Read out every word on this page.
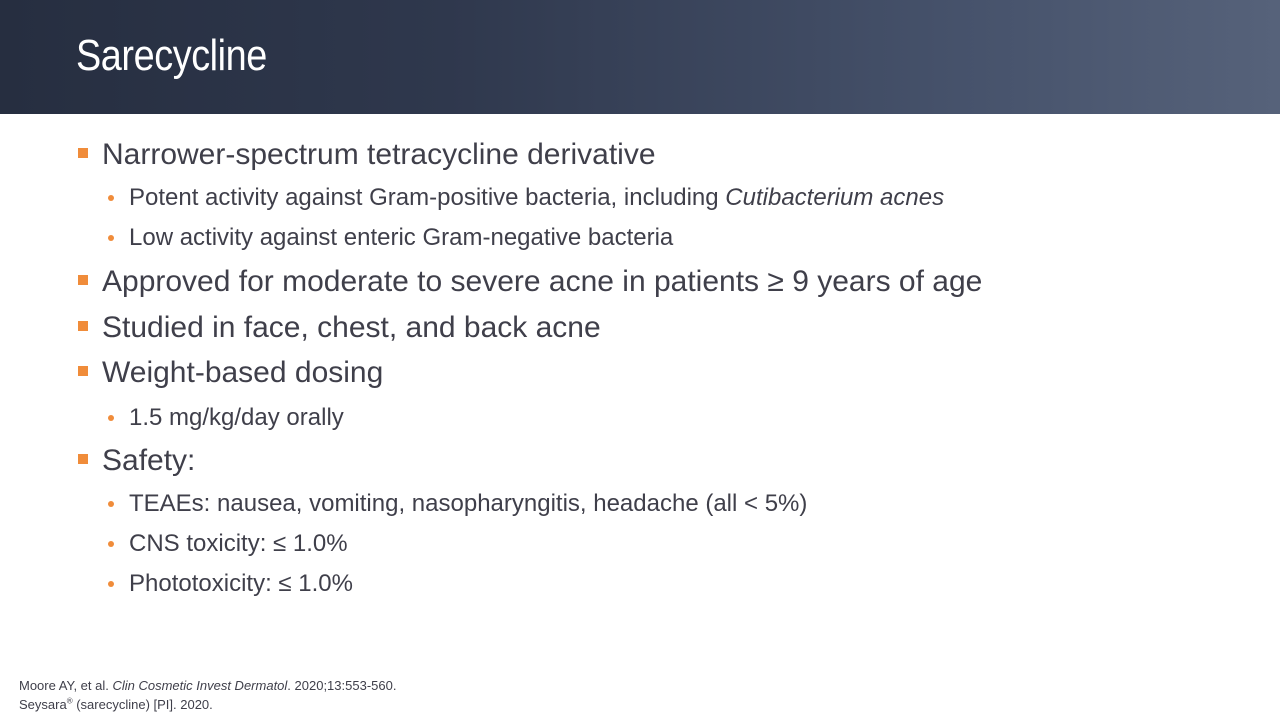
Sarecycline
Narrower-spectrum tetracycline derivative
Potent activity against Gram-positive bacteria, including Cutibacterium acnes
Low activity against enteric Gram-negative bacteria
Approved for moderate to severe acne in patients ≥ 9 years of age
Studied in face, chest, and back acne
Weight-based dosing
1.5 mg/kg/day orally
Safety:
TEAEs: nausea, vomiting, nasopharyngitis, headache (all < 5%)
CNS toxicity: ≤ 1.0%
Phototoxicity: ≤ 1.0%
Moore AY, et al. Clin Cosmetic Invest Dermatol. 2020;13:553-560.
Seysara® (sarecycline) [PI]. 2020.
